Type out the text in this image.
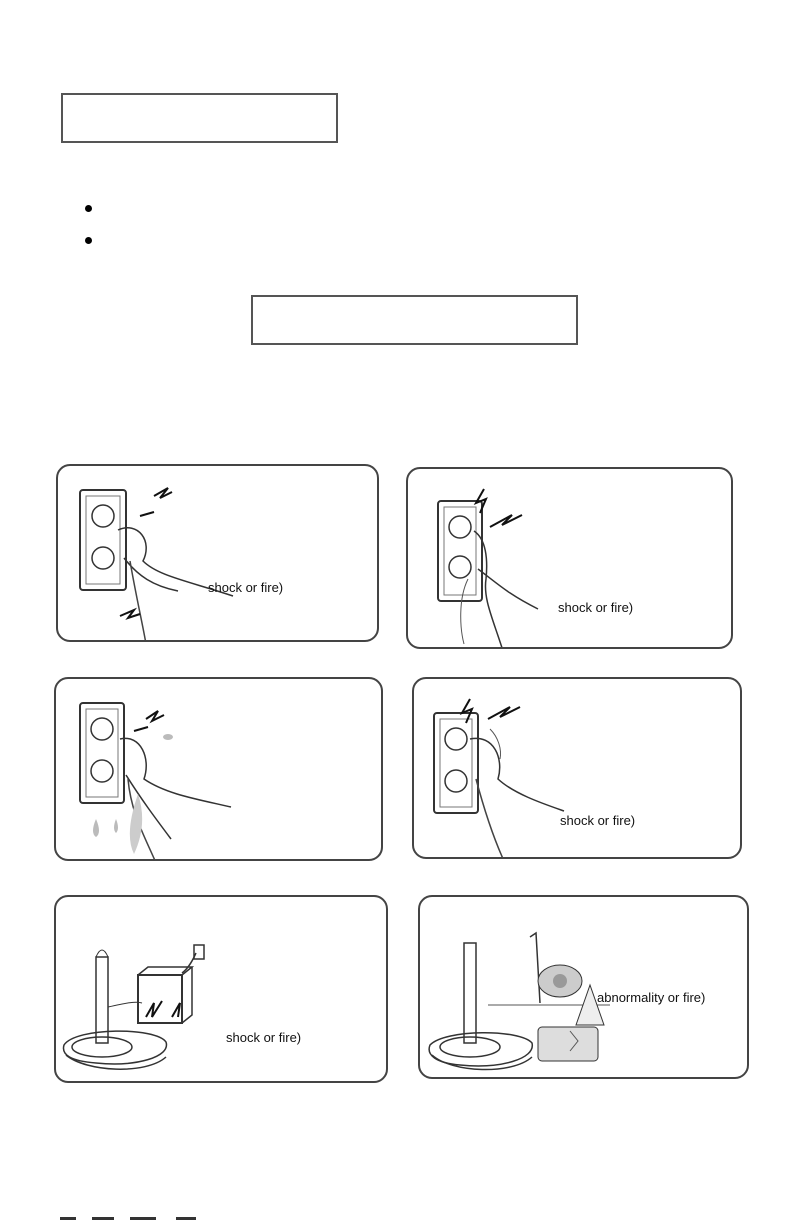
shock or fire)
shock or fire)
shock or fire)
shock or fire)
abnormality or fire)
